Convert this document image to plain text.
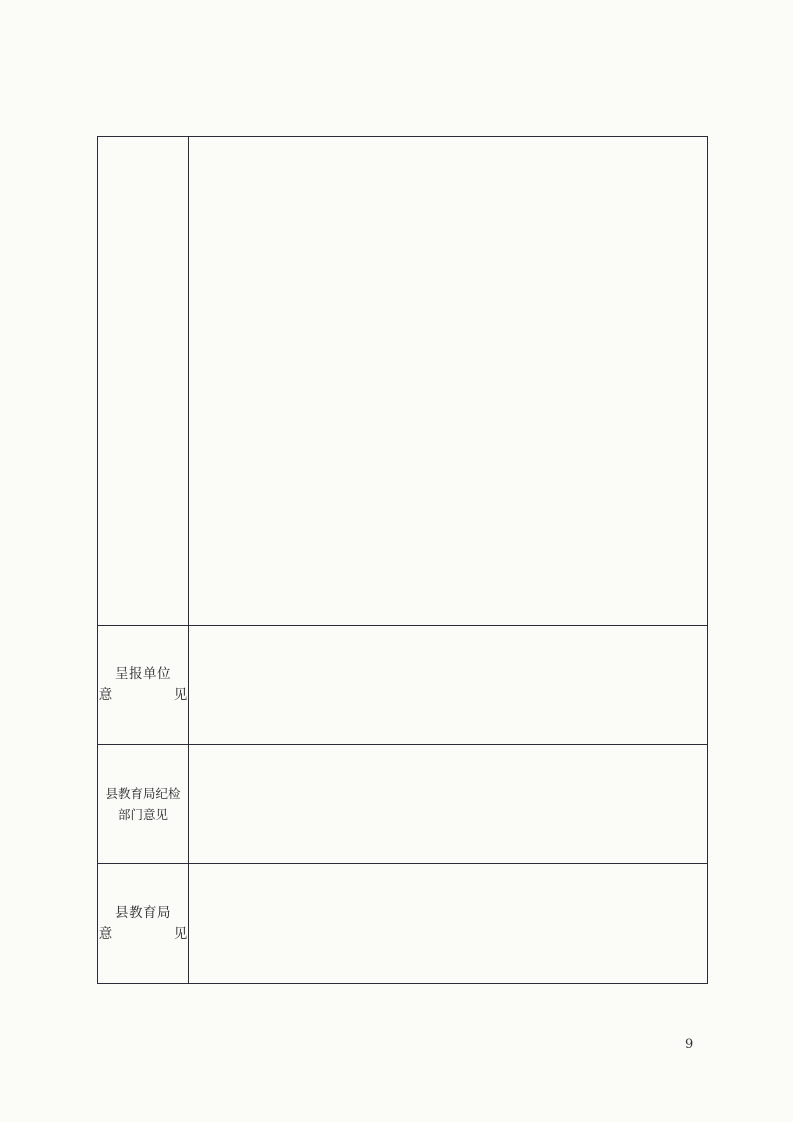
呈报单位
意　见	

县教育局纪检
部门意见	

县教育局
意　见	

9
